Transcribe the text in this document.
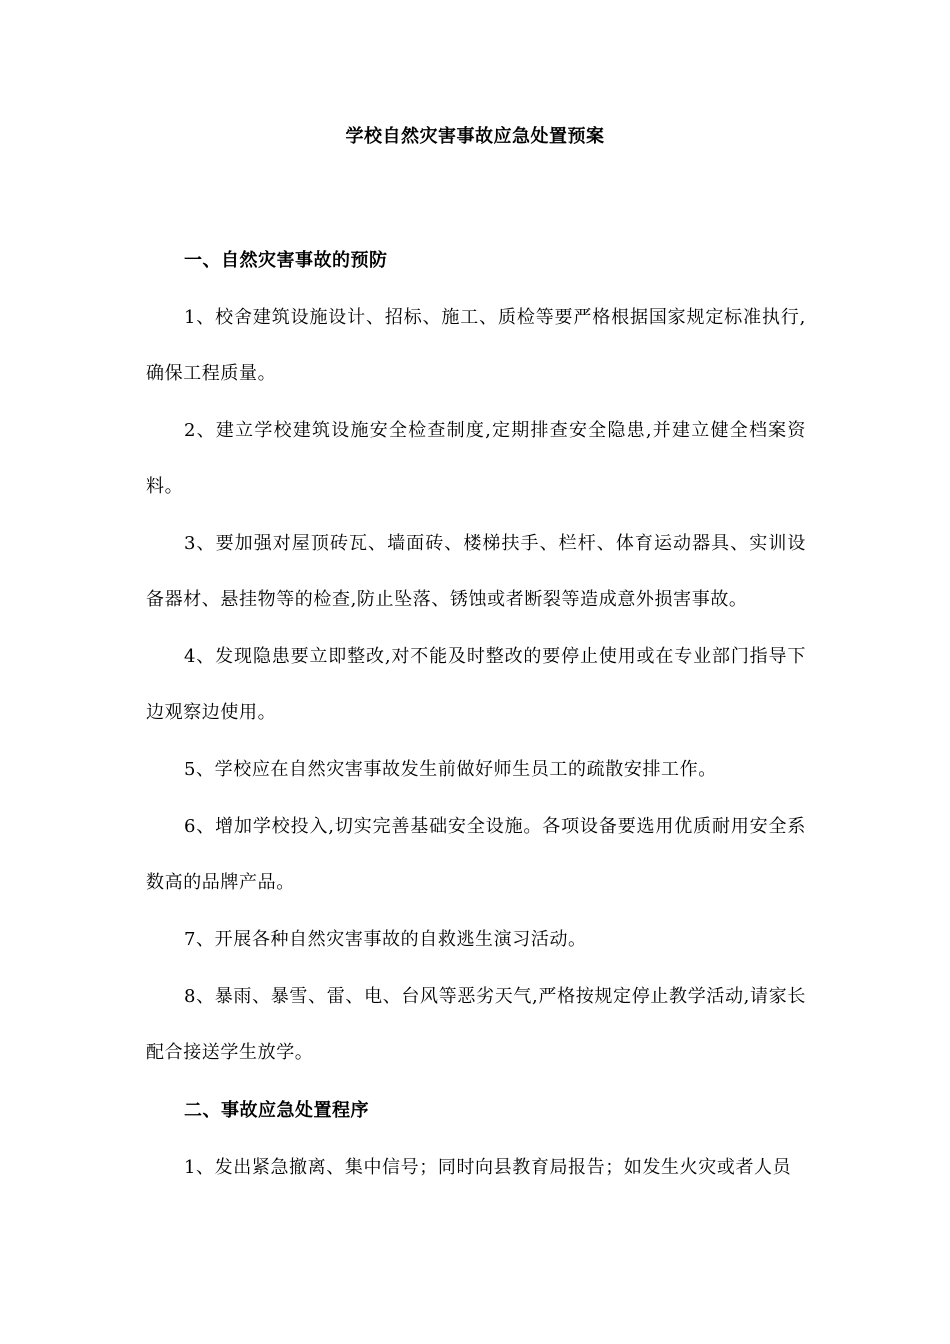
学校自然灾害事故应急处置预案
一、自然灾害事故的预防

1、校舍建筑设施设计、招标、施工、质检等要严格根据国家规定标准执行,确保工程质量。

2、建立学校建筑设施安全检查制度,定期排查安全隐患,并建立健全档案资料。

3、要加强对屋顶砖瓦、墙面砖、楼梯扶手、栏杆、体育运动器具、实训设备器材、悬挂物等的检查,防止坠落、锈蚀或者断裂等造成意外损害事故。

4、发现隐患要立即整改,对不能及时整改的要停止使用或在专业部门指导下边观察边使用。

5、学校应在自然灾害事故发生前做好师生员工的疏散安排工作。

6、增加学校投入,切实完善基础安全设施。各项设备要选用优质耐用安全系数高的品牌产品。

7、开展各种自然灾害事故的自救逃生演习活动。

8、暴雨、暴雪、雷、电、台风等恶劣天气,严格按规定停止教学活动,请家长配合接送学生放学。

二、事故应急处置程序

1、发出紧急撤离、集中信号；同时向县教育局报告；如发生火灾或者人员
